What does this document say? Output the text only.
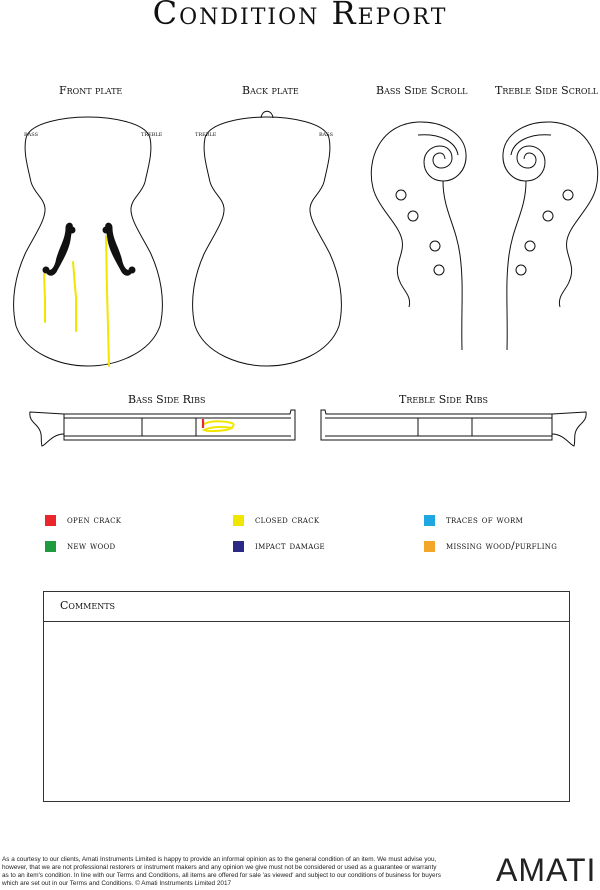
Condition Report
Front plate	Back plate	Bass Side Scroll	Treble Side Scroll
Bass Side Ribs	Treble Side Ribs
bass	treble	treble	bass
open crack	closed crack	traces of worm
new wood	impact damage	missing wood/purfling
Comments
As a courtesy to our clients, Amati Instruments Limited is happy to provide an informal opinion as to the general condition of an item. We must advise you, however, that we are not professional restorers or instrument makers and any opinion we give must not be considered or used as a guarantee or warranty as to an item's condition. In line with our Terms and Conditions, all items are offered for sale 'as viewed' and subject to our conditions of business for buyers which are set out in our Terms and Conditions. © Amati Instruments Limited 2017	AMATI
